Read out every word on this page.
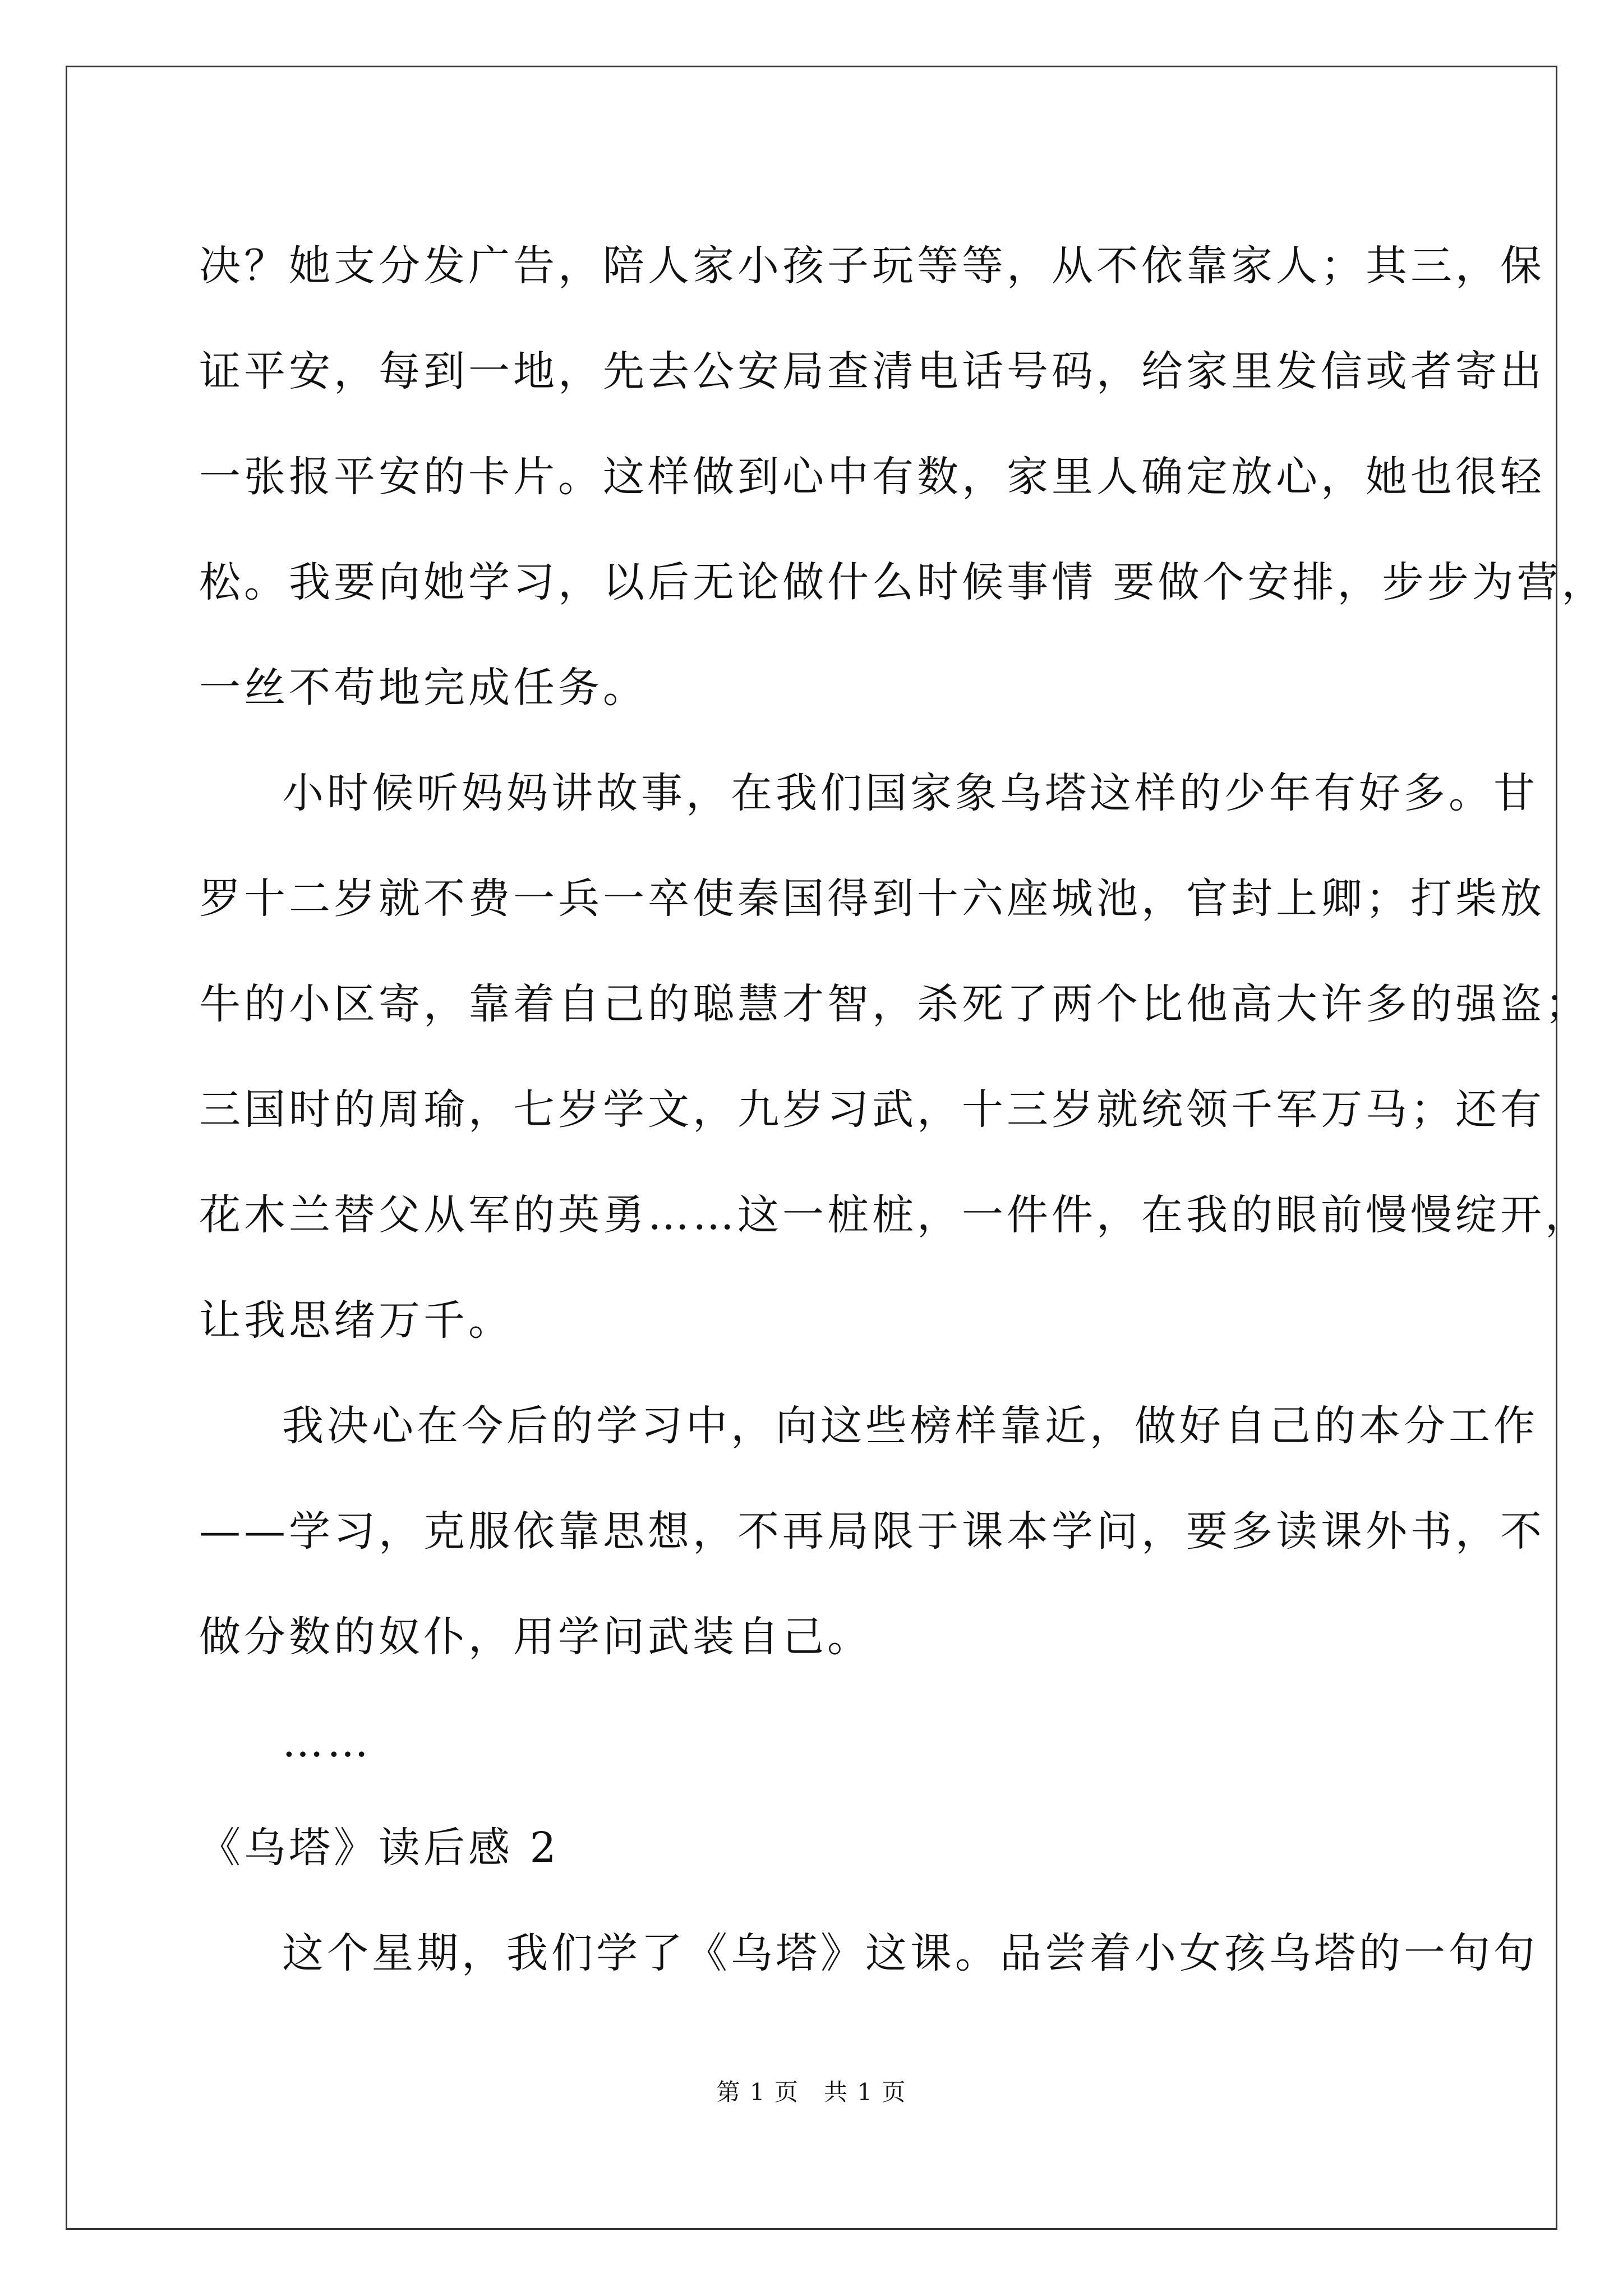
决？她支分发广告，陪人家小孩子玩等等，从不依靠家人；其三，保
证平安，每到一地，先去公安局查清电话号码，给家里发信或者寄出
一张报平安的卡片。这样做到心中有数，家里人确定放心，她也很轻
松。我要向她学习，以后无论做什么时候事情 要做个安排，步步为营，
一丝不苟地完成任务。
小时候听妈妈讲故事，在我们国家象乌塔这样的少年有好多。甘
罗十二岁就不费一兵一卒使秦国得到十六座城池，官封上卿；打柴放
牛的小区寄，靠着自己的聪慧才智，杀死了两个比他高大许多的强盗；
三国时的周瑜，七岁学文，九岁习武，十三岁就统领千军万马；还有
花木兰替父从军的英勇……这一桩桩，一件件，在我的眼前慢慢绽开，
让我思绪万千。
我决心在今后的学习中，向这些榜样靠近，做好自己的本分工作
——学习，克服依靠思想，不再局限于课本学问，要多读课外书，不
做分数的奴仆，用学问武装自己。
……
《乌塔》读后感 2
这个星期，我们学了《乌塔》这课。品尝着小女孩乌塔的一句句
第 1 页　共 1 页
